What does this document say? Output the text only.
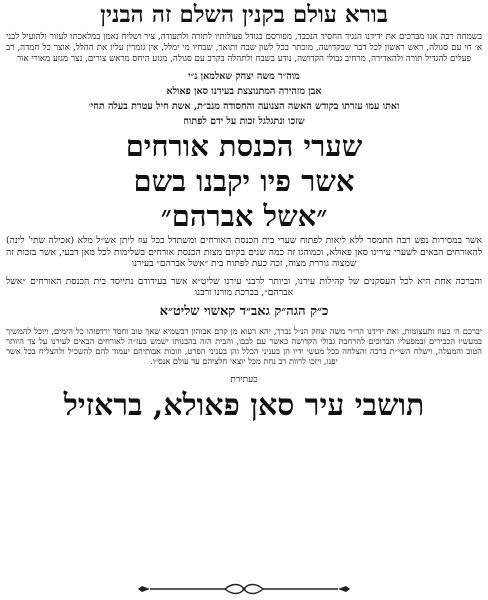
בורא עולם בקנין השלם זה הבנין

בשמחה רבה אנו מברכים את ידידנו הנגיד החסיד הנכבד, מפורסם בגודל פעולותיו לתורה ולתעודה, ציר ושליח נאמן במלאכתו לעזור ולהועיל לבני א׳ חי עם סגולה, ראש ראשון לכל דבר שבקדושה, מוכתר בכל לשון שבח ותואר, שבחיו מי ימלל, אין גומרין עליו את ההלל, אוצר כל חמדה, רב פעלים להגדיל תורה ולהאדירה, מרחיב גבולי הקדושה, נודע בשבח ולתהלה בקרב עם סגולה, מגזע היחס מראש צורים, נצר מגזע מאורי אור

מוה״ר משה יצחק שאלמאן נ״י
אבן מזהירה המתנוצצת בעירנו סאן פאולא
ואתו עמו עזרתו בקודש האשה הצנועה והחסודה מנב״ת, אשת חיל עטרת בעלה תחי׳
שזכו ונתגלגל זכות על ידם לפתוח
שערי הכנסת אורחים
אשר פיו יקבנו בשם
״אשל אברהם״

אשר במסירות נפש רבה התמסר ללא ליאות לפתוח שערי בית הכנסת האורחים ומשתדל בכל עוז ליתן אש״ל מלא (אכילה שתי' לינה) להאורחים הבאים לשערי עירינו סאן פאולא, וכמוהגו זה כמה שנים בקיום מצות הכנסת אורחים בשלימות לכל מאן דבעי, אשר בזכות זה שמצוה גוררת מצוה, זכה כעת לפתוח בית ״אשל אברהם״ בעירנו

והברכה אחת היא לכל העסקנים של קהילות עירנו, וביותר לרבני עירנו שליט״א אשר בעידודם נתייסד בית הכנסת האורחים ״אשל אברהם״, בברכת מורנו ורבנו

כ״ק הגה״ק גאב״ד קאשוי שליט״א

יברכם ה׳ בעוז ותעצומות, ואת ידידנו הר״ר משה יצחק הנ״ל נברך, יהא רעוא מן קדם אבוהון דבשמיא שאך טוב וחסד ירדפוהו כל הימים, ויוכל להמשיך במעשיו הכבירים ובמפעליו הברוכים להרחבת גבולי הקדושה כאשר עם לבבו, והבית הזה בהבנותו ישמש בעז״ה לאורחים הבאים לעירנו על צד היותר הטוב והמעלה, וישלח השי״ת ברכה והצלחה בכל מעשי ידיו הן בעניני הכלל והן בעניני הפרט, וזוכות אבותיהם יעמוד להם להשכיל ולהצליח בכל אשר יפנו, ויזכו לרוות רב נחת מכל יוצאי חלציהם עד עולם אנס״ו.

כעתירת
תושבי עיר סאן פאולא, בראזיל
